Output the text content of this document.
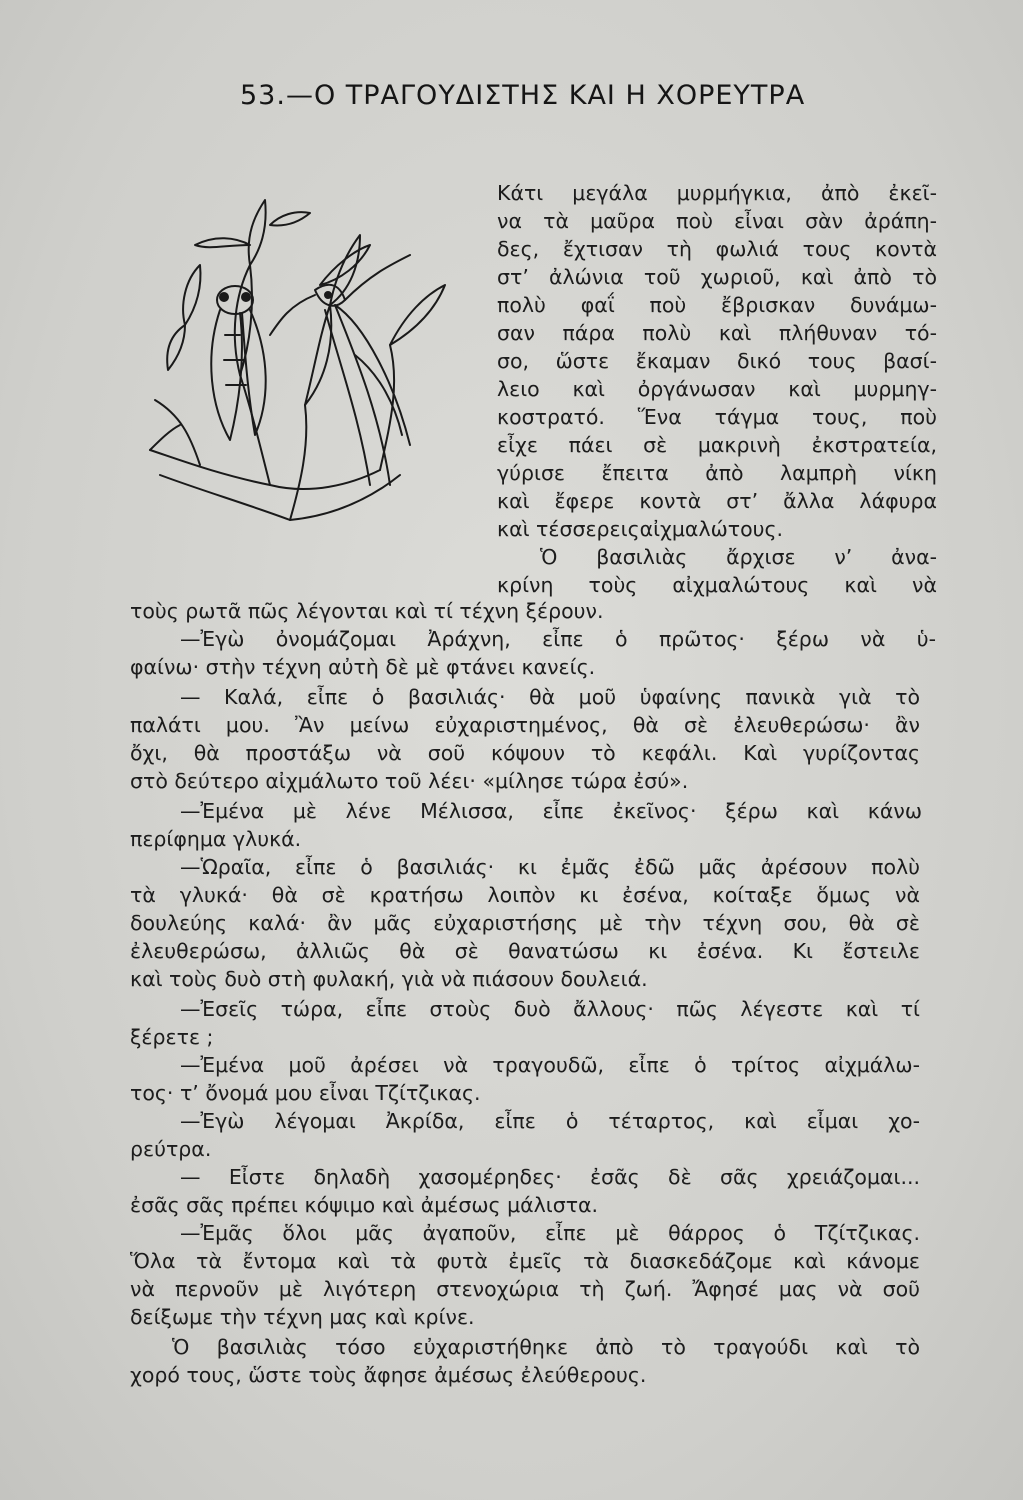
53.—Ο ΤΡΑΓΟΥΔΙΣΤΗΣ ΚΑΙ Η ΧΟΡΕΥΤΡΑ
Κάτι μεγάλα μυρμήγκια, ἀπὸ ἐκεῖ-
να τὰ μαῦρα ποὺ εἶναι σὰν ἀράπη-
δες, ἔχτισαν τὴ φωλιά τους κοντὰ
στ’ ἀλώνια τοῦ χωριοῦ, καὶ ἀπὸ τὸ
πολὺ φαΐ ποὺ ἔβρισκαν δυνάμω-
σαν πάρα πολὺ καὶ πλήθυναν τό-
σο, ὥστε ἔκαμαν δικό τους βασί-
λειο καὶ ὀργάνωσαν καὶ μυρμηγ-
κοστρατό. Ἕνα τάγμα τους, ποὺ
εἶχε πάει σὲ μακρινὴ ἐκστρατεία,
γύρισε ἔπειτα ἀπὸ λαμπρὴ νίκη
καὶ ἔφερε κοντὰ στ’ ἄλλα λάφυρα
καὶ τέσσερειςαἰχμαλώτους.
Ὁ βασιλιὰς ἄρχισε ν’ ἀνα-
κρίνη τοὺς αἰχμαλώτους καὶ νὰ
τοὺς ρωτᾶ πῶς λέγονται καὶ τί τέχνη ξέρουν.
—Ἐγὼ ὀνομάζομαι Ἀράχνη, εἶπε ὁ πρῶτος· ξέρω νὰ ὑ-
φαίνω· στὴν τέχνη αὐτὴ δὲ μὲ φτάνει κανείς.
— Καλά, εἶπε ὁ βασιλιάς· θὰ μοῦ ὑφαίνης πανικὰ γιὰ τὸ
παλάτι μου. Ἂν μείνω εὐχαριστημένος, θὰ σὲ ἐλευθερώσω· ἂν
ὄχι, θὰ προστάξω νὰ σοῦ κόψουν τὸ κεφάλι. Καὶ γυρίζοντας
στὸ δεύτερο αἰχμάλωτο τοῦ λέει· «μίλησε τώρα ἐσύ».
—Ἐμένα μὲ λένε Μέλισσα, εἶπε ἐκεῖνος· ξέρω καὶ κάνω
περίφημα γλυκά.
—Ὡραῖα, εἶπε ὁ βασιλιάς· κι ἐμᾶς ἐδῶ μᾶς ἀρέσουν πολὺ
τὰ γλυκά· θὰ σὲ κρατήσω λοιπὸν κι ἐσένα, κοίταξε ὅμως νὰ
δουλεύης καλά· ἂν μᾶς εὐχαριστήσης μὲ τὴν τέχνη σου, θὰ σὲ
ἐλευθερώσω, ἀλλιῶς θὰ σὲ θανατώσω κι ἐσένα. Κι ἔστειλε
καὶ τοὺς δυὸ στὴ φυλακή, γιὰ νὰ πιάσουν δουλειά.
—Ἐσεῖς τώρα, εἶπε στοὺς δυὸ ἄλλους· πῶς λέγεστε καὶ τί
ξέρετε ;
—Ἐμένα μοῦ ἀρέσει νὰ τραγουδῶ, εἶπε ὁ τρίτος αἰχμάλω-
τος· τ’ ὄνομά μου εἶναι Τζίτζικας.
—Ἐγὼ λέγομαι Ἀκρίδα, εἶπε ὁ τέταρτος, καὶ εἶμαι χο-
ρεύτρα.
— Εἶστε δηλαδὴ χασομέρηδες· ἐσᾶς δὲ σᾶς χρειάζομαι...
ἐσᾶς σᾶς πρέπει κόψιμο καὶ ἀμέσως μάλιστα.
—Ἐμᾶς ὅλοι μᾶς ἀγαποῦν, εἶπε μὲ θάρρος ὁ Τζίτζικας.
Ὅλα τὰ ἔντομα καὶ τὰ φυτὰ ἐμεῖς τὰ διασκεδάζομε καὶ κάνομε
νὰ περνοῦν μὲ λιγότερη στενοχώρια τὴ ζωή. Ἄφησέ μας νὰ σοῦ
δείξωμε τὴν τέχνη μας καὶ κρίνε.
Ὁ βασιλιὰς τόσο εὐχαριστήθηκε ἀπὸ τὸ τραγούδι καὶ τὸ
χορό τους, ὥστε τοὺς ἄφησε ἀμέσως ἐλεύθερους.
